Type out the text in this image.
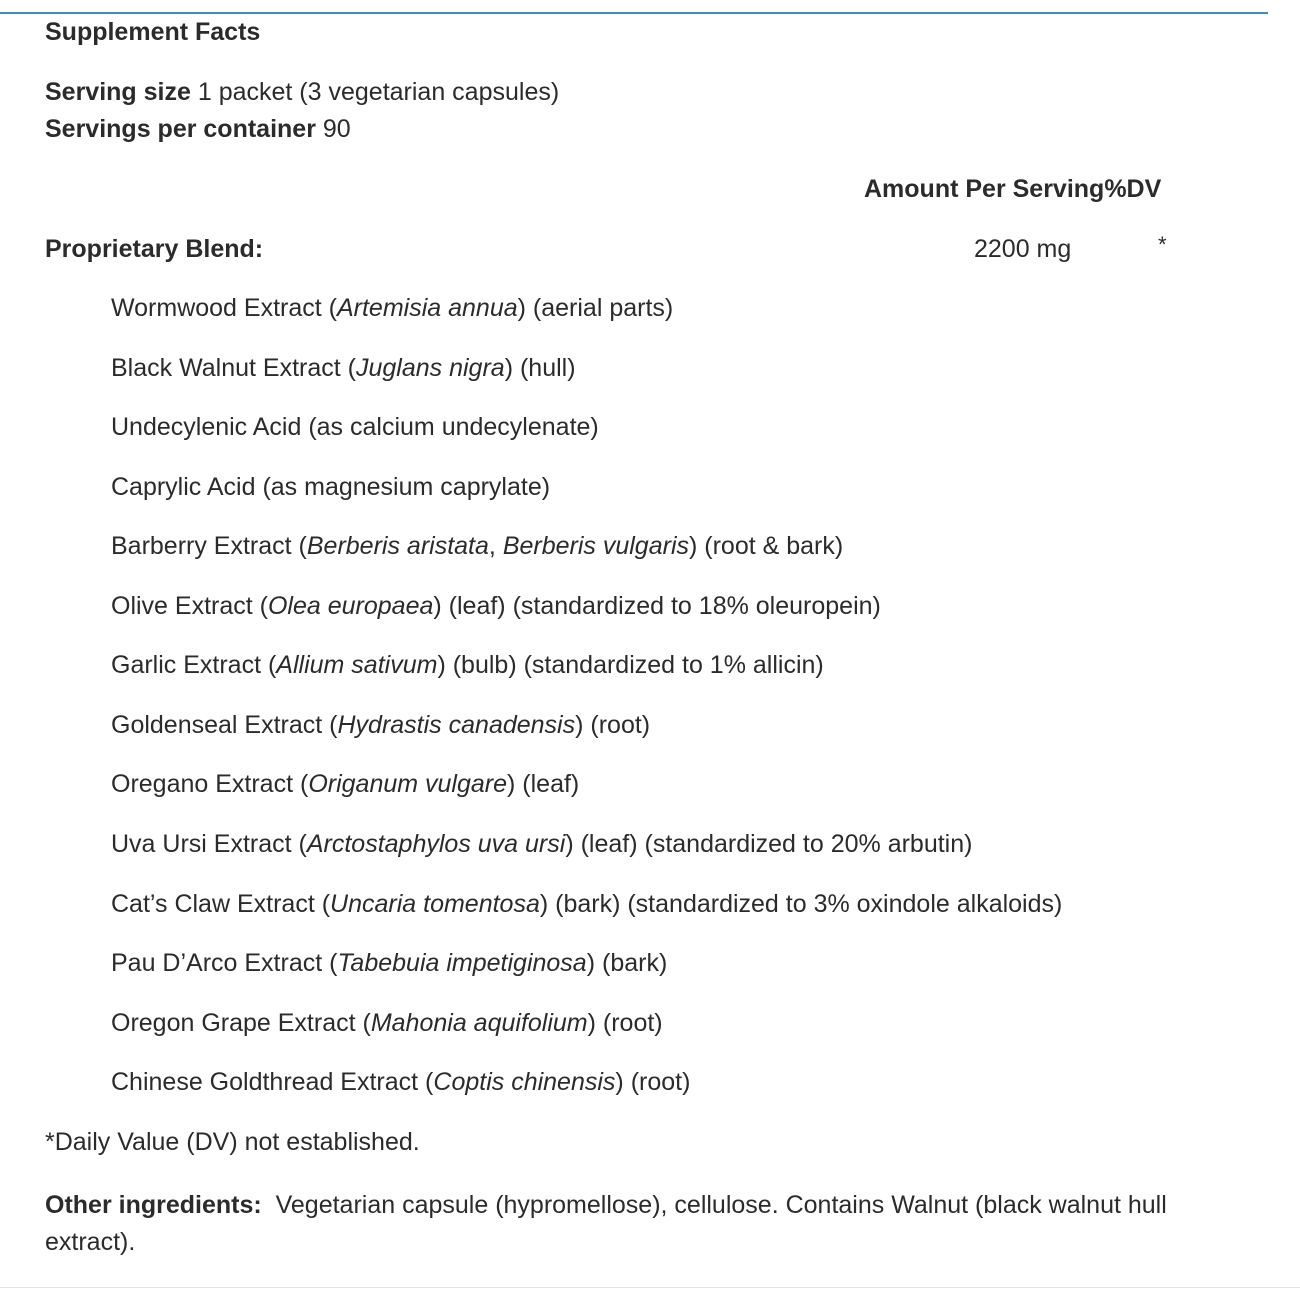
Supplement Facts
Serving size 1 packet (3 vegetarian capsules)
Servings per container 90
Amount Per Serving%DV
Proprietary Blend:	2200 mg	*
Wormwood Extract (Artemisia annua) (aerial parts)
Black Walnut Extract (Juglans nigra) (hull)
Undecylenic Acid (as calcium undecylenate)
Caprylic Acid (as magnesium caprylate)
Barberry Extract (Berberis aristata, Berberis vulgaris) (root & bark)
Olive Extract (Olea europaea) (leaf) (standardized to 18% oleuropein)
Garlic Extract (Allium sativum) (bulb) (standardized to 1% allicin)
Goldenseal Extract (Hydrastis canadensis) (root)
Oregano Extract (Origanum vulgare) (leaf)
Uva Ursi Extract (Arctostaphylos uva ursi) (leaf) (standardized to 20% arbutin)
Cat’s Claw Extract (Uncaria tomentosa) (bark) (standardized to 3% oxindole alkaloids)
Pau D’Arco Extract (Tabebuia impetiginosa) (bark)
Oregon Grape Extract (Mahonia aquifolium) (root)
Chinese Goldthread Extract (Coptis chinensis) (root)
*Daily Value (DV) not established.
Other ingredients: Vegetarian capsule (hypromellose), cellulose. Contains Walnut (black walnut hull extract).
